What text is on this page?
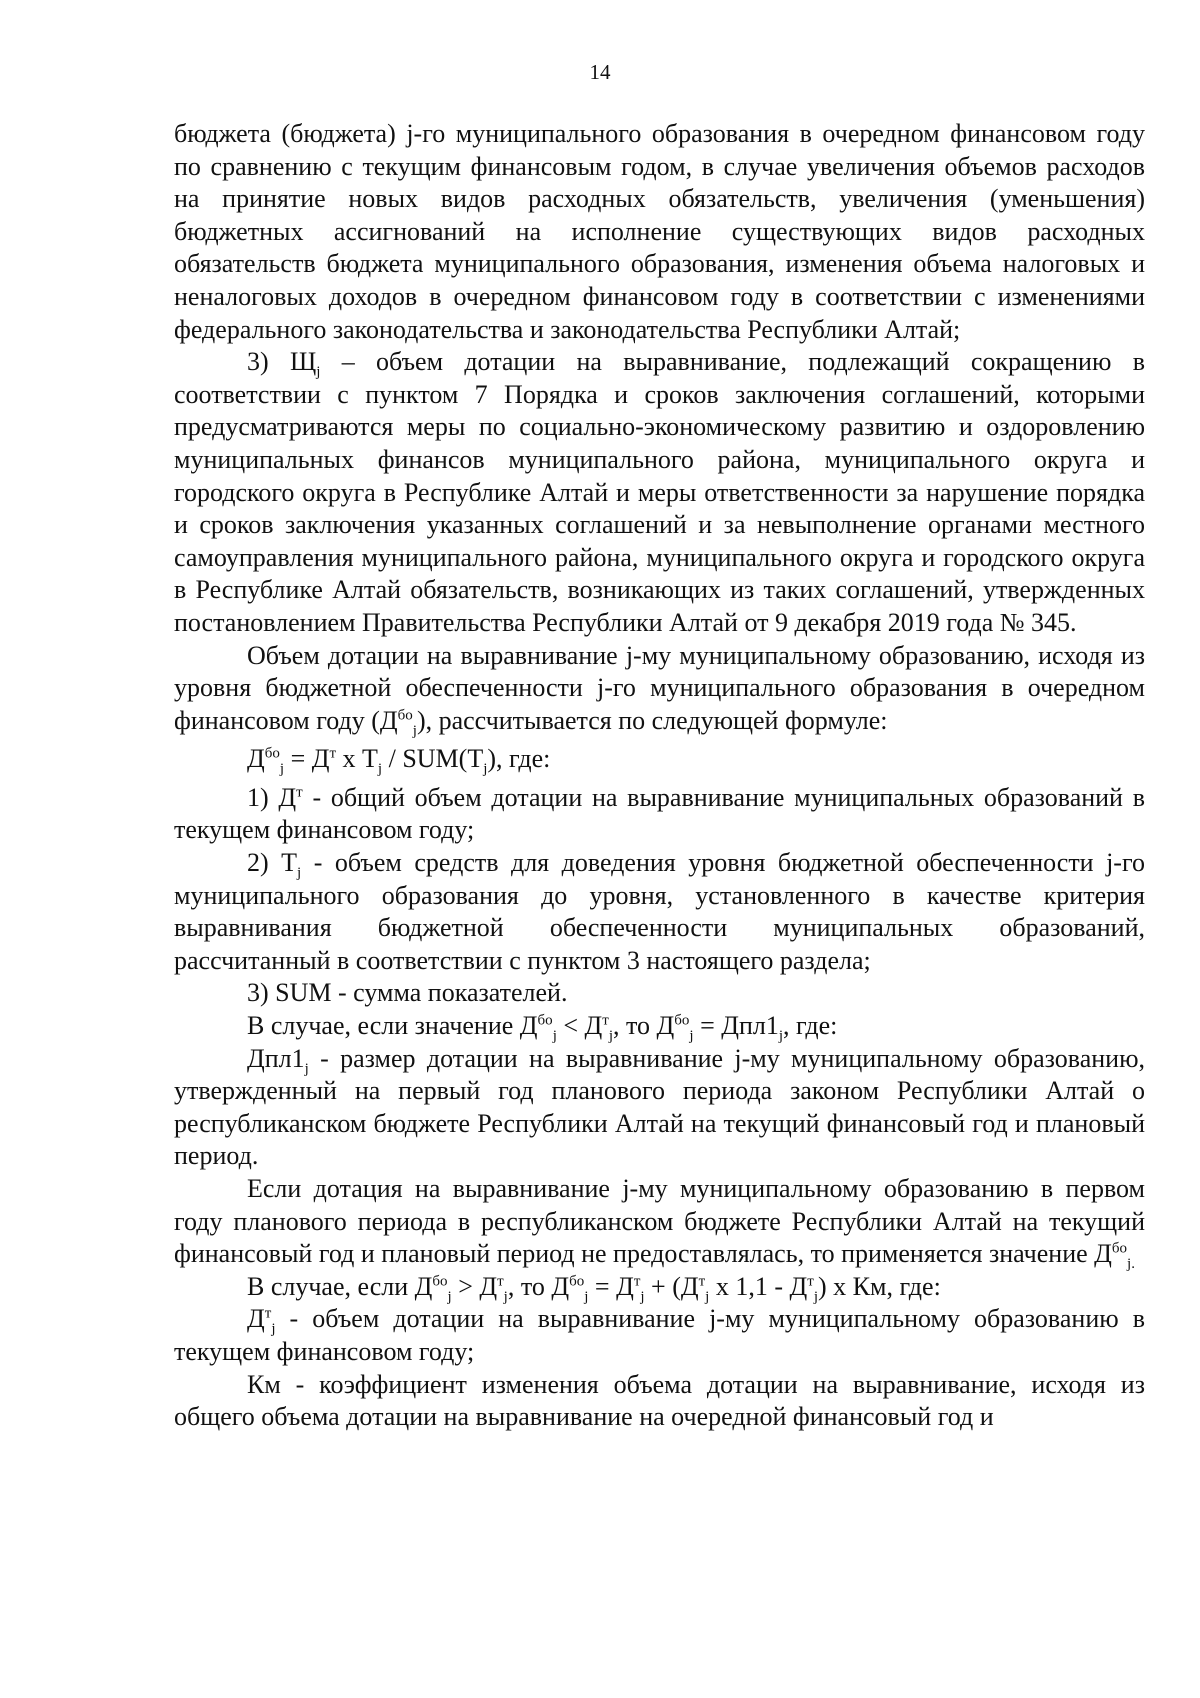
14

бюджета (бюджета) j-го муниципального образования в очередном финансовом году по сравнению с текущим финансовым годом, в случае увеличения объемов расходов на принятие новых видов расходных обязательств, увеличения (уменьшения) бюджетных ассигнований на исполнение существующих видов расходных обязательств бюджета муниципального образования, изменения объема налоговых и неналоговых доходов в очередном финансовом году в соответствии с изменениями федерального законодательства и законодательства Республики Алтай;

3) $Щ_j$ – объем дотации на выравнивание, подлежащий сокращению в соответствии с пунктом 7 Порядка и сроков заключения соглашений, которыми предусматриваются меры по социально-экономическому развитию и оздоровлению муниципальных финансов муниципального района, муниципального округа и городского округа в Республике Алтай и меры ответственности за нарушение порядка и сроков заключения указанных соглашений и за невыполнение органами местного самоуправления муниципального района, муниципального округа и городского округа в Республике Алтай обязательств, возникающих из таких соглашений, утвержденных постановлением Правительства Республики Алтай от 9 декабря 2019 года № 345.

Объем дотации на выравнивание j-му муниципальному образованию, исходя из уровня бюджетной обеспеченности j-го муниципального образования в очередном финансовом году $(Д^{бо}_j)$, рассчитывается по следующей формуле:

$Д^{бо}_j = Д^т$ х $Т_j / SUM(T_j)$, где:

1) $Д^т$ - общий объем дотации на выравнивание муниципальных образований в текущем финансовом году;

2) $Т_j$ - объем средств для доведения уровня бюджетной обеспеченности j-го муниципального образования до уровня, установленного в качестве критерия выравнивания бюджетной обеспеченности муниципальных образований, рассчитанный в соответствии с пунктом 3 настоящего раздела;

3) SUM - сумма показателей.

В случае, если значение $Д^{бо}_j < Д^т_j$, то $Д^{бо}_j = Дпл1_j$, где:

$Дпл1_j$ - размер дотации на выравнивание j-му муниципальному образованию, утвержденный на первый год планового периода законом Республики Алтай о республиканском бюджете Республики Алтай на текущий финансовый год и плановый период.

Если дотация на выравнивание j-му муниципальному образованию в первом году планового периода в республиканском бюджете Республики Алтай на текущий финансовый год и плановый период не предоставлялась, то применяется значение $Д^{бо}_{j.}$

В случае, если $Д^{бо}_j > Д^т_j$, то $Д^{бо}_j = Д^т_j + (Д^т_j$ х $1,1 - Д^т_j$) х Км, где:

$Д^т_j$ - объем дотации на выравнивание j-му муниципальному образованию в текущем финансовом году;

Км - коэффициент изменения объема дотации на выравнивание, исходя из общего объема дотации на выравнивание на очередной финансовый год и
